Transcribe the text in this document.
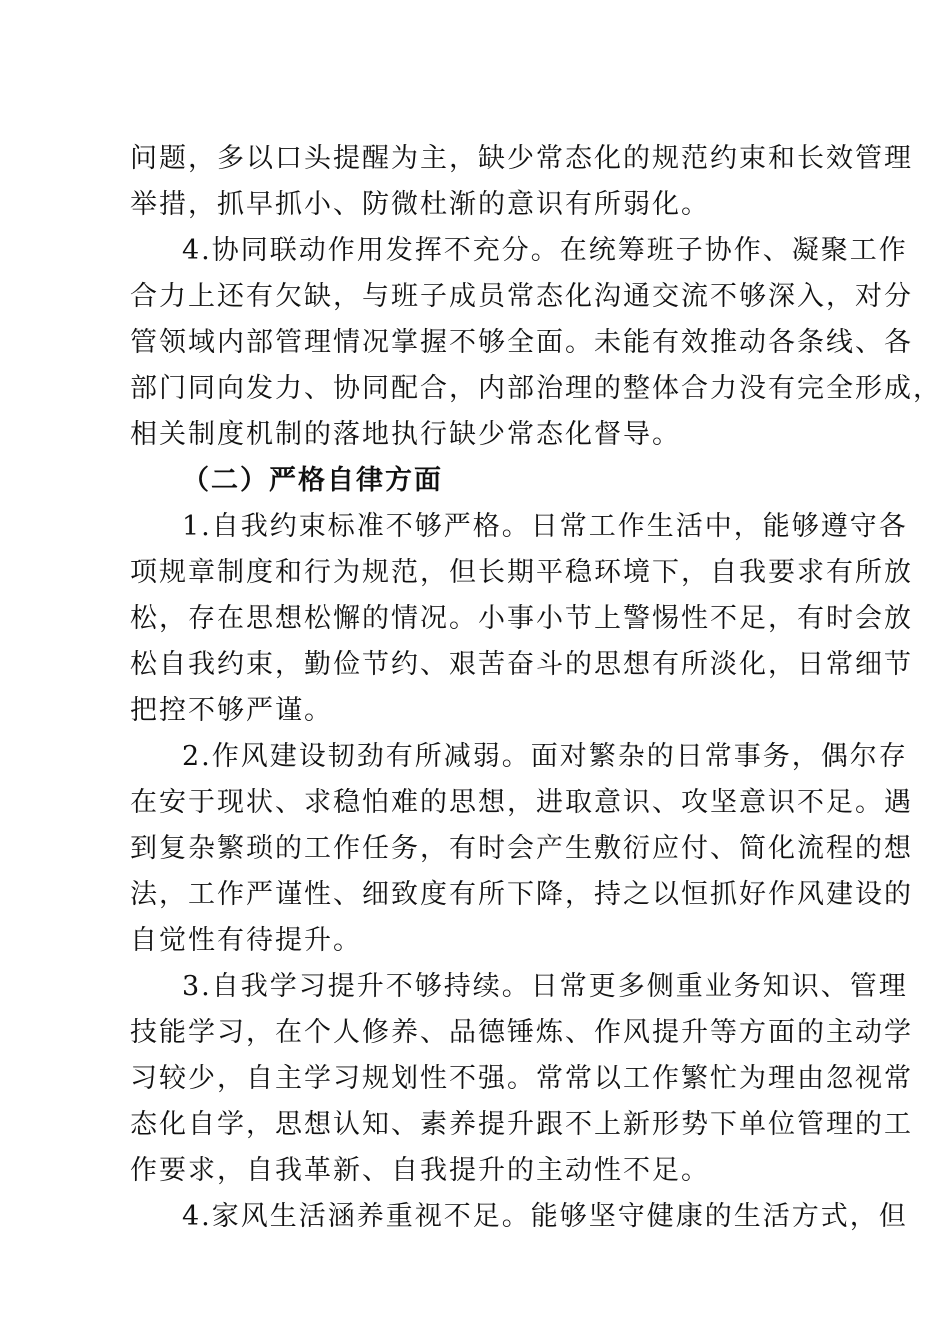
问题，多以口头提醒为主，缺少常态化的规范约束和长效管理
举措，抓早抓小、防微杜渐的意识有所弱化。
4.协同联动作用发挥不充分。在统筹班子协作、凝聚工作
合力上还有欠缺，与班子成员常态化沟通交流不够深入，对分
管领域内部管理情况掌握不够全面。未能有效推动各条线、各
部门同向发力、协同配合，内部治理的整体合力没有完全形成，
相关制度机制的落地执行缺少常态化督导。
（二）严格自律方面
1.自我约束标准不够严格。日常工作生活中，能够遵守各
项规章制度和行为规范，但长期平稳环境下，自我要求有所放
松，存在思想松懈的情况。小事小节上警惕性不足，有时会放
松自我约束，勤俭节约、艰苦奋斗的思想有所淡化，日常细节
把控不够严谨。
2.作风建设韧劲有所减弱。面对繁杂的日常事务，偶尔存
在安于现状、求稳怕难的思想，进取意识、攻坚意识不足。遇
到复杂繁琐的工作任务，有时会产生敷衍应付、简化流程的想
法，工作严谨性、细致度有所下降，持之以恒抓好作风建设的
自觉性有待提升。
3.自我学习提升不够持续。日常更多侧重业务知识、管理
技能学习，在个人修养、品德锤炼、作风提升等方面的主动学
习较少，自主学习规划性不强。常常以工作繁忙为理由忽视常
态化自学，思想认知、素养提升跟不上新形势下单位管理的工
作要求，自我革新、自我提升的主动性不足。
4.家风生活涵养重视不足。能够坚守健康的生活方式，但
